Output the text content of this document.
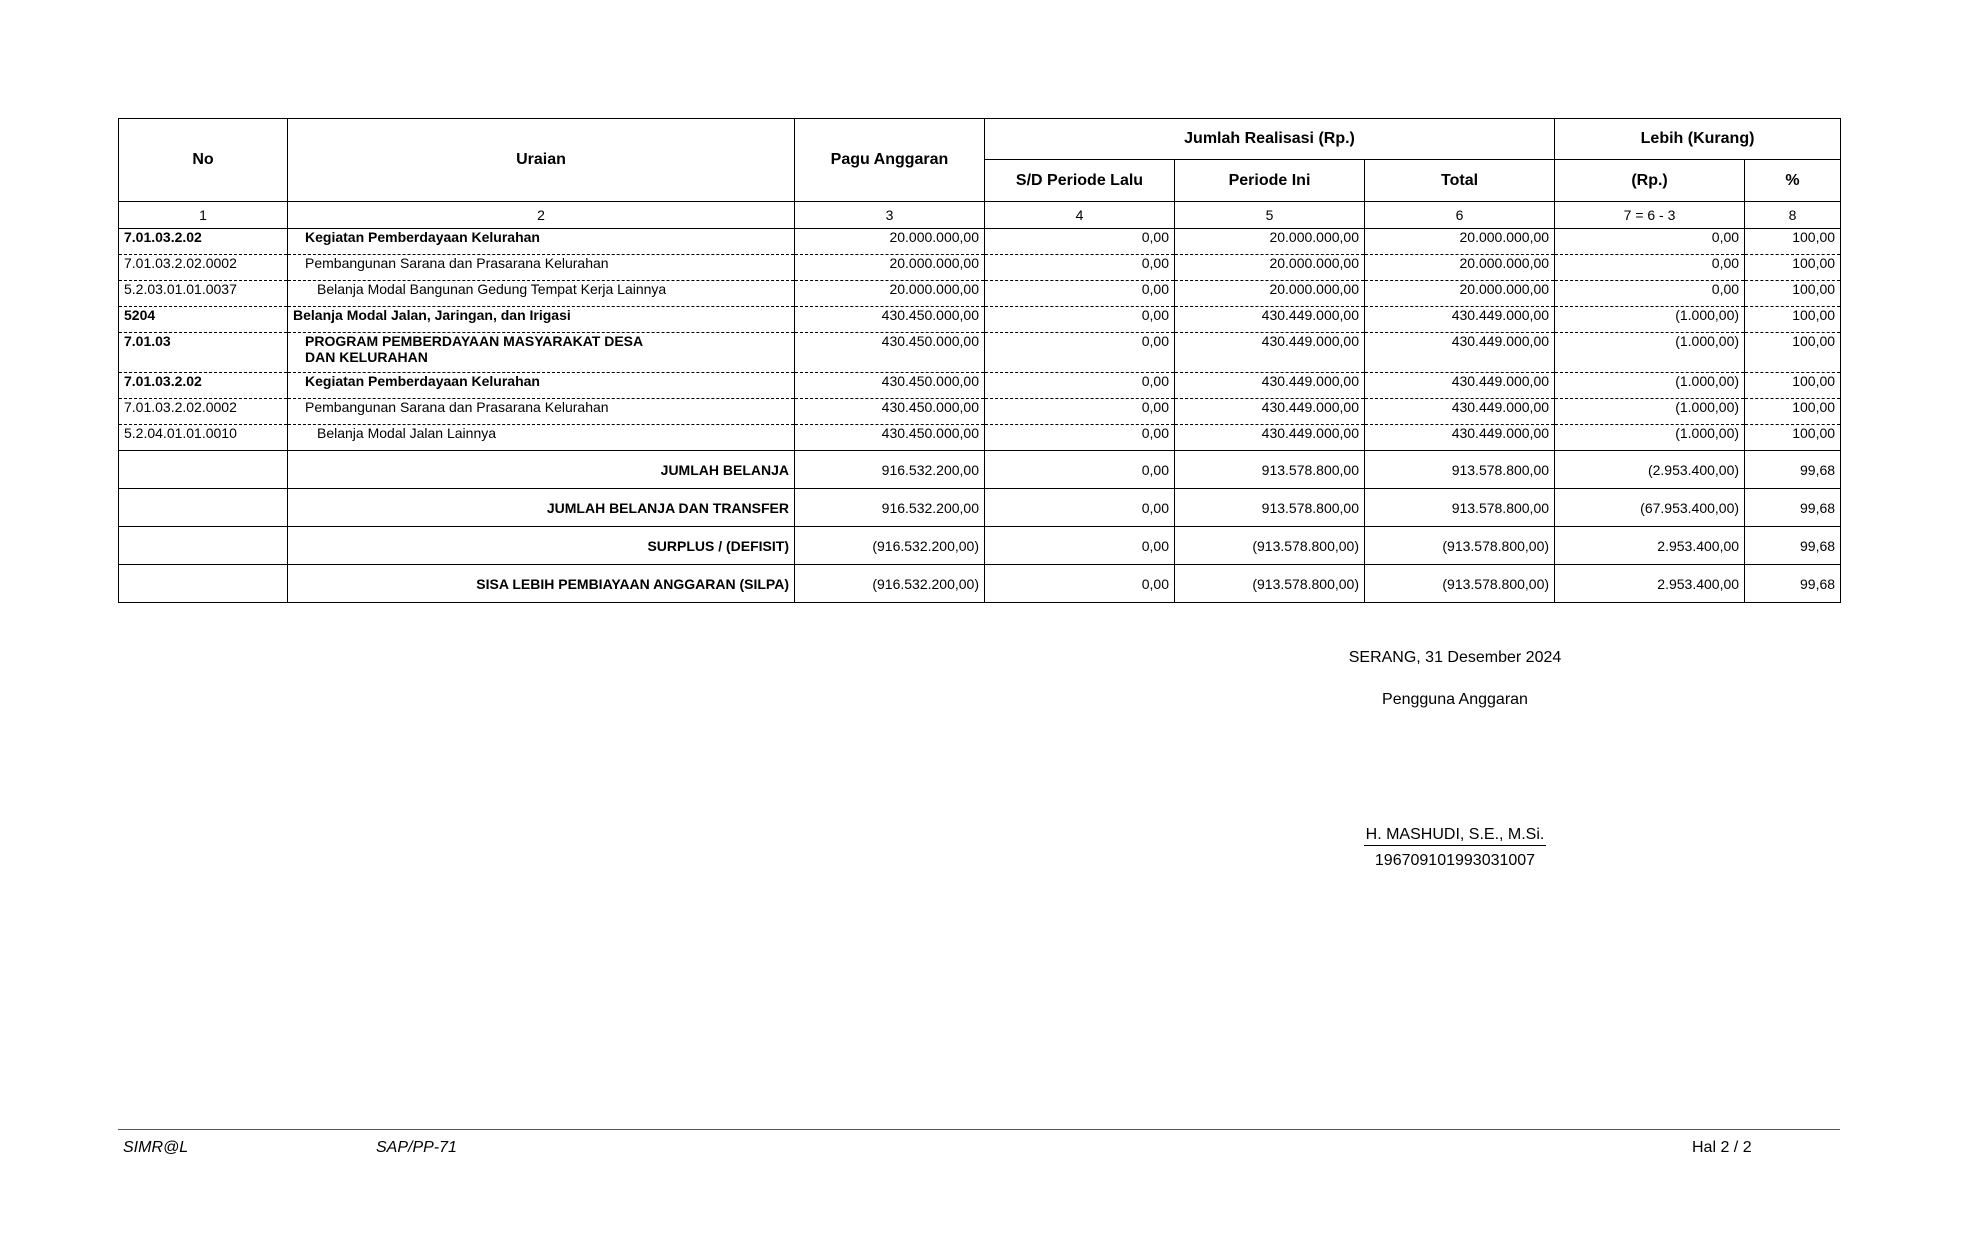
No	Uraian	Pagu Anggaran	Jumlah Realisasi (Rp.)			Lebih (Kurang)	
			S/D Periode Lalu	Periode Ini	Total	(Rp.)	%
1	2	3	4	5	6	7 = 6 - 3	8
7.01.03.2.02	Kegiatan Pemberdayaan Kelurahan	20.000.000,00	0,00	20.000.000,00	20.000.000,00	0,00	100,00
7.01.03.2.02.0002	Pembangunan Sarana dan Prasarana Kelurahan	20.000.000,00	0,00	20.000.000,00	20.000.000,00	0,00	100,00
5.2.03.01.01.0037	Belanja Modal Bangunan Gedung Tempat Kerja Lainnya	20.000.000,00	0,00	20.000.000,00	20.000.000,00	0,00	100,00
5204	Belanja Modal Jalan, Jaringan, dan Irigasi	430.450.000,00	0,00	430.449.000,00	430.449.000,00	(1.000,00)	100,00
7.01.03	PROGRAM PEMBERDAYAAN MASYARAKAT DESA DAN KELURAHAN	430.450.000,00	0,00	430.449.000,00	430.449.000,00	(1.000,00)	100,00
7.01.03.2.02	Kegiatan Pemberdayaan Kelurahan	430.450.000,00	0,00	430.449.000,00	430.449.000,00	(1.000,00)	100,00
7.01.03.2.02.0002	Pembangunan Sarana dan Prasarana Kelurahan	430.450.000,00	0,00	430.449.000,00	430.449.000,00	(1.000,00)	100,00
5.2.04.01.01.0010	Belanja Modal Jalan Lainnya	430.450.000,00	0,00	430.449.000,00	430.449.000,00	(1.000,00)	100,00
	JUMLAH BELANJA	916.532.200,00	0,00	913.578.800,00	913.578.800,00	(2.953.400,00)	99,68
	JUMLAH BELANJA DAN TRANSFER	916.532.200,00	0,00	913.578.800,00	913.578.800,00	(67.953.400,00)	99,68
	SURPLUS / (DEFISIT)	(916.532.200,00)	0,00	(913.578.800,00)	(913.578.800,00)	2.953.400,00	99,68
	SISA LEBIH PEMBIAYAAN ANGGARAN (SILPA)	(916.532.200,00)	0,00	(913.578.800,00)	(913.578.800,00)	2.953.400,00	99,68
SERANG, 31 Desember 2024
Pengguna Anggaran
H. MASHUDI, S.E., M.Si.
196709101993031007
SIMR@L	SAP/PP-71	Hal 2 / 2
